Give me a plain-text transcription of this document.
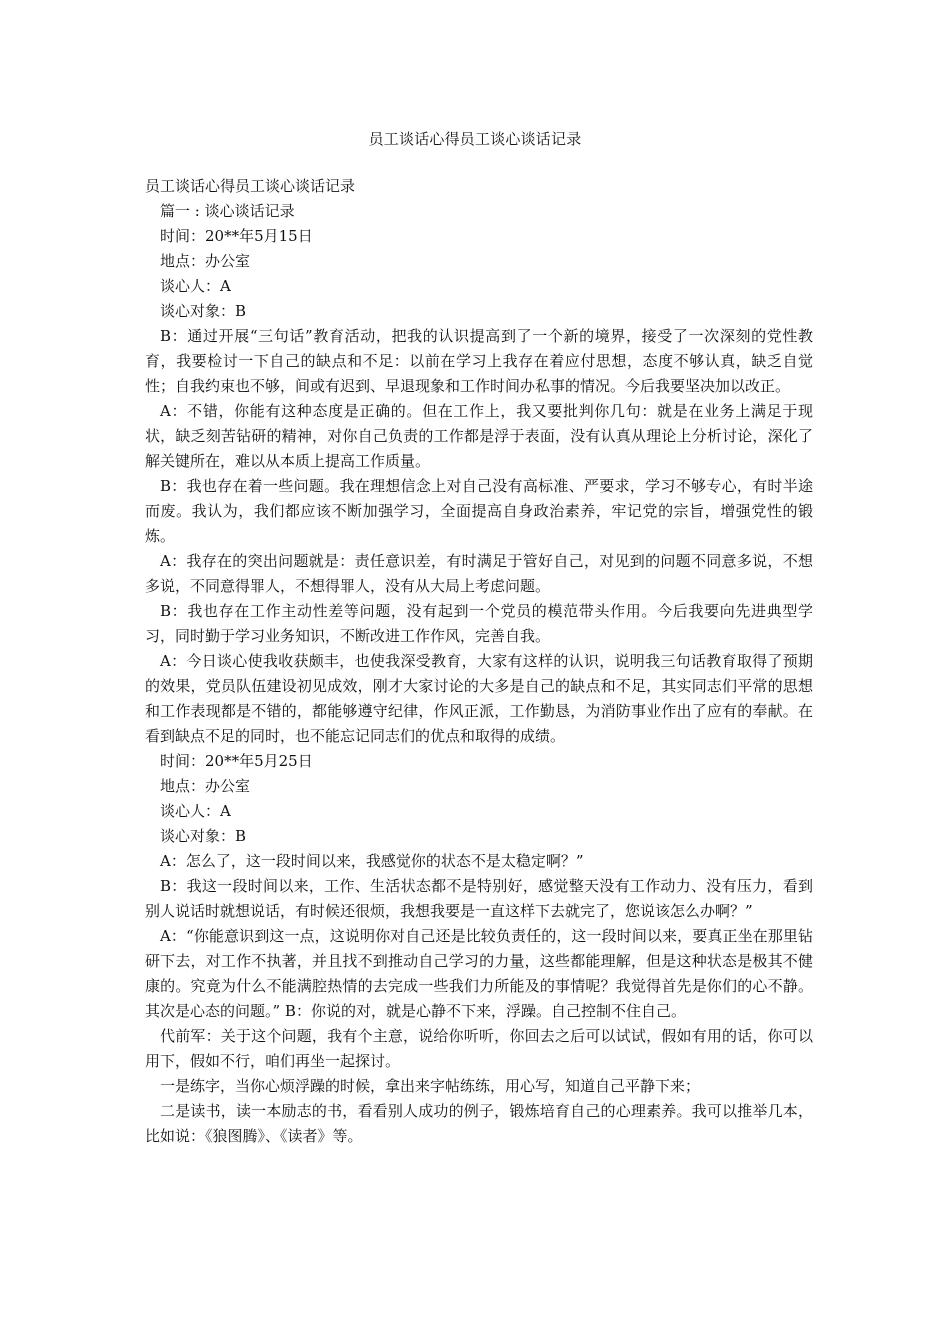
员工谈话心得员工谈心谈话记录

员工谈话心得员工谈心谈话记录

篇一 : 谈心谈话记录

时间：20**年5月15日

地点：办公室

谈心人：A

谈心对象：B

B：通过开展“三句话”教育活动，把我的认识提高到了一个新的境界，接受了一次深刻的党性教育，我要检讨一下自己的缺点和不足：以前在学习上我存在着应付思想，态度不够认真，缺乏自觉性；自我约束也不够，间或有迟到、早退现象和工作时间办私事的情况。今后我要坚决加以改正。

A：不错，你能有这种态度是正确的。但在工作上，我又要批判你几句：就是在业务上满足于现状，缺乏刻苦钻研的精神，对你自己负责的工作都是浮于表面，没有认真从理论上分析讨论，深化了解关键所在，难以从本质上提高工作质量。

B：我也存在着一些问题。我在理想信念上对自己没有高标准、严要求，学习不够专心，有时半途而废。我认为，我们都应该不断加强学习，全面提高自身政治素养，牢记党的宗旨，增强党性的锻炼。

A：我存在的突出问题就是：责任意识差，有时满足于管好自己，对见到的问题不同意多说，不想多说，不同意得罪人，不想得罪人，没有从大局上考虑问题。

B：我也存在工作主动性差等问题，没有起到一个党员的模范带头作用。今后我要向先进典型学习，同时勤于学习业务知识，不断改进工作作风，完善自我。

A：今日谈心使我收获颇丰，也使我深受教育，大家有这样的认识，说明我三句话教育取得了预期的效果，党员队伍建设初见成效，刚才大家讨论的大多是自己的缺点和不足，其实同志们平常的思想和工作表现都是不错的，都能够遵守纪律，作风正派，工作勤恳，为消防事业作出了应有的奉献。在看到缺点不足的同时，也不能忘记同志们的优点和取得的成绩。

时间：20**年5月25日

地点：办公室

谈心人：A

谈心对象：B

A：怎么了，这一段时间以来，我感觉你的状态不是太稳定啊？”

B：我这一段时间以来，工作、生活状态都不是特别好，感觉整天没有工作动力、没有压力，看到别人说话时就想说话，有时候还很烦，我想我要是一直这样下去就完了，您说该怎么办啊？”

A：“你能意识到这一点，这说明你对自己还是比较负责任的，这一段时间以来，要真正坐在那里钻研下去，对工作不执著，并且找不到推动自己学习的力量，这些都能理解，但是这种状态是极其不健康的。究竟为什么不能满腔热情的去完成一些我们力所能及的事情呢？我觉得首先是你们的心不静。其次是心态的问题。” B：你说的对，就是心静不下来，浮躁。自己控制不住自己。

代前军：关于这个问题，我有个主意，说给你听听，你回去之后可以试试，假如有用的话，你可以用下，假如不行，咱们再坐一起探讨。

一是练字，当你心烦浮躁的时候，拿出来字帖练练，用心写，知道自己平静下来；

二是读书，读一本励志的书，看看别人成功的例子，锻炼培育自己的心理素养。我可以推举几本，比如说：《狼图腾》、《读者》等。
